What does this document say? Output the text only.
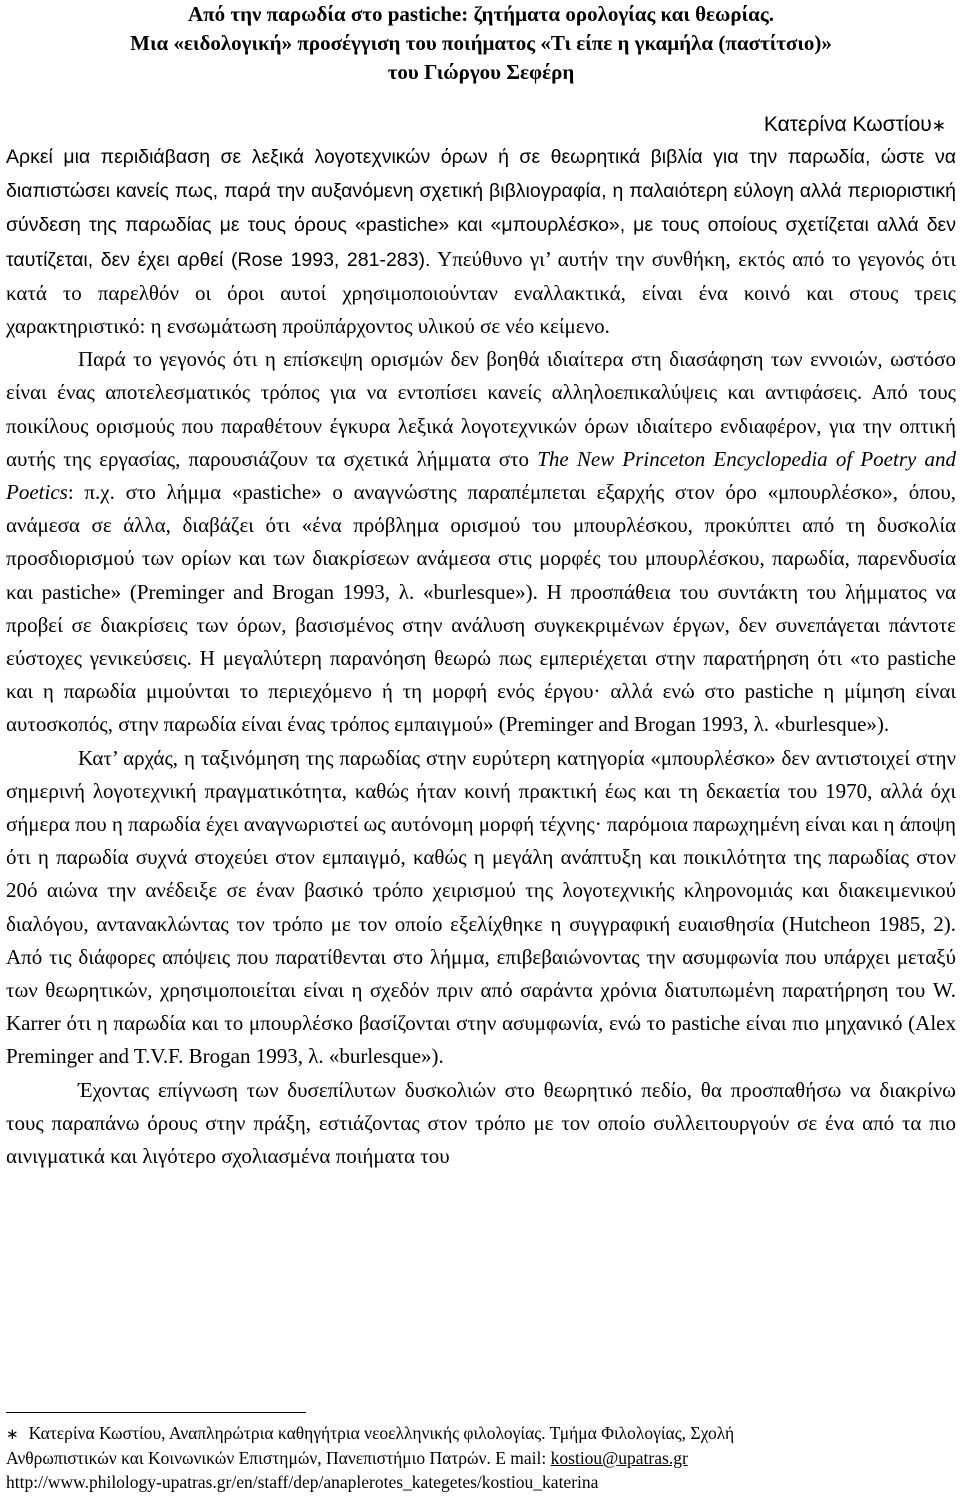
Από την παρωδία στο pastiche: ζητήματα ορολογίας και θεωρίας.
Μια «ειδολογική» προσέγγιση του ποιήματος «Τι είπε η γκαμήλα (παστίτσιο)»
του Γιώργου Σεφέρη
Κατερίνα Κωστίου∗

Αρκεί μια περιδιάβαση σε λεξικά λογοτεχνικών όρων ή σε θεωρητικά βιβλία για την παρωδία, ώστε να διαπιστώσει κανείς πως, παρά την αυξανόμενη σχετική βιβλιογραφία, η παλαιότερη εύλογη αλλά περιοριστική σύνδεση της παρωδίας με τους όρους «pastiche» και «μπουρλέσκο», με τους οποίους σχετίζεται αλλά δεν ταυτίζεται, δεν έχει αρθεί (Rose 1993, 281-283). Υπεύθυνο γι’ αυτήν την συνθήκη, εκτός από το γεγονός ότι κατά το παρελθόν οι όροι αυτοί χρησιμοποιούνταν εναλλακτικά, είναι ένα κοινό και στους τρεις χαρακτηριστικό: η ενσωμάτωση προϋπάρχοντος υλικού σε νέο κείμενο.

Παρά το γεγονός ότι η επίσκεψη ορισμών δεν βοηθά ιδιαίτερα στη διασάφηση των εννοιών, ωστόσο είναι ένας αποτελεσματικός τρόπος για να εντοπίσει κανείς αλληλοεπικαλύψεις και αντιφάσεις. Από τους ποικίλους ορισμούς που παραθέτουν έγκυρα λεξικά λογοτεχνικών όρων ιδιαίτερο ενδιαφέρον, για την οπτική αυτής της εργασίας, παρουσιάζουν τα σχετικά λήμματα στο The New Princeton Encyclopedia of Poetry and Poetics: π.χ. στο λήμμα «pastiche» ο αναγνώστης παραπέμπεται εξαρχής στον όρο «μπουρλέσκο», όπου, ανάμεσα σε άλλα, διαβάζει ότι «ένα πρόβλημα ορισμού του μπουρλέσκου, προκύπτει από τη δυσκολία προσδιορισμού των ορίων και των διακρίσεων ανάμεσα στις μορφές του μπουρλέσκου, παρωδία, παρενδυσία και pastiche» (Preminger and Brogan 1993, λ. «burlesque»). Η προσπάθεια του συντάκτη του λήμματος να προβεί σε διακρίσεις των όρων, βασισμένος στην ανάλυση συγκεκριμένων έργων, δεν συνεπάγεται πάντοτε εύστοχες γενικεύσεις. Η μεγαλύτερη παρανόηση θεωρώ πως εμπεριέχεται στην παρατήρηση ότι «το pastiche και η παρωδία μιμούνται το περιεχόμενο ή τη μορφή ενός έργου· αλλά ενώ στο pastiche η μίμηση είναι αυτοσκοπός, στην παρωδία είναι ένας τρόπος εμπαιγμού» (Preminger and Brogan 1993, λ. «burlesque»).

Κατ’ αρχάς, η ταξινόμηση της παρωδίας στην ευρύτερη κατηγορία «μπουρλέσκο» δεν αντιστοιχεί στην σημερινή λογοτεχνική πραγματικότητα, καθώς ήταν κοινή πρακτική έως και τη δεκαετία του 1970, αλλά όχι σήμερα που η παρωδία έχει αναγνωριστεί ως αυτόνομη μορφή τέχνης· παρόμοια παρωχημένη είναι και η άποψη ότι η παρωδία συχνά στοχεύει στον εμπαιγμό, καθώς η μεγάλη ανάπτυξη και ποικιλότητα της παρωδίας στον 20ό αιώνα την ανέδειξε σε έναν βασικό τρόπο χειρισμού της λογοτεχνικής κληρονομιάς και διακειμενικού διαλόγου, αντανακλώντας τον τρόπο με τον οποίο εξελίχθηκε η συγγραφική ευαισθησία (Hutcheon 1985, 2). Από τις διάφορες απόψεις που παρατίθενται στο λήμμα, επιβεβαιώνοντας την ασυμφωνία που υπάρχει μεταξύ των θεωρητικών, χρησιμοποιείται είναι η σχεδόν πριν από σαράντα χρόνια διατυπωμένη παρατήρηση του W. Karrer ότι η παρωδία και το μπουρλέσκο βασίζονται στην ασυμφωνία, ενώ το pastiche είναι πιο μηχανικό (Alex Preminger and T.V.F. Brogan 1993, λ. «burlesque»).

Έχοντας επίγνωση των δυσεπίλυτων δυσκολιών στο θεωρητικό πεδίο, θα προσπαθήσω να διακρίνω τους παραπάνω όρους στην πράξη, εστιάζοντας στον τρόπο με τον οποίο συλλειτουργούν σε ένα από τα πιο αινιγματικά και λιγότερο σχολιασμένα ποιήματα του

∗ Κατερίνα Κωστίου, Αναπληρώτρια καθηγήτρια νεοελληνικής φιλολογίας. Τμήμα Φιλολογίας, Σχολή
Ανθρωπιστικών και Κοινωνικών Επιστημών, Πανεπιστήμιο Πατρών. E mail: kostiou@upatras.gr
http://www.philology-upatras.gr/en/staff/dep/anaplerotes_kategetes/kostiou_katerina
